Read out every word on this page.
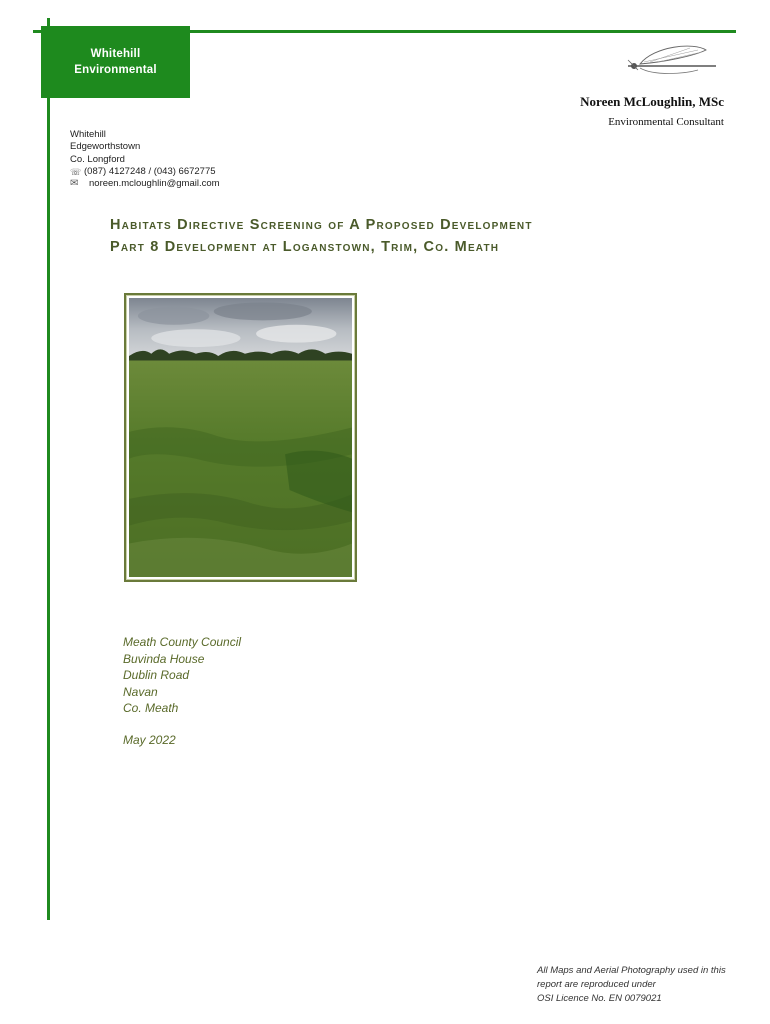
Whitehill
Environmental
Noreen McLoughlin, MSc
Environmental Consultant
Whitehill
Edgeworthstown
Co. Longford
☏ (087) 4127248 / (043) 6672775
✉	noreen.mcloughlin@gmail.com
Habitats Directive Screening of A Proposed Development
Part 8 Development at Loganstown, Trim, Co. Meath
Meath County Council
Buvinda House
Dublin Road
Navan
Co. Meath
May 2022
All Maps and Aerial Photography used in this
report are reproduced under
OSI Licence No. EN 0079021
